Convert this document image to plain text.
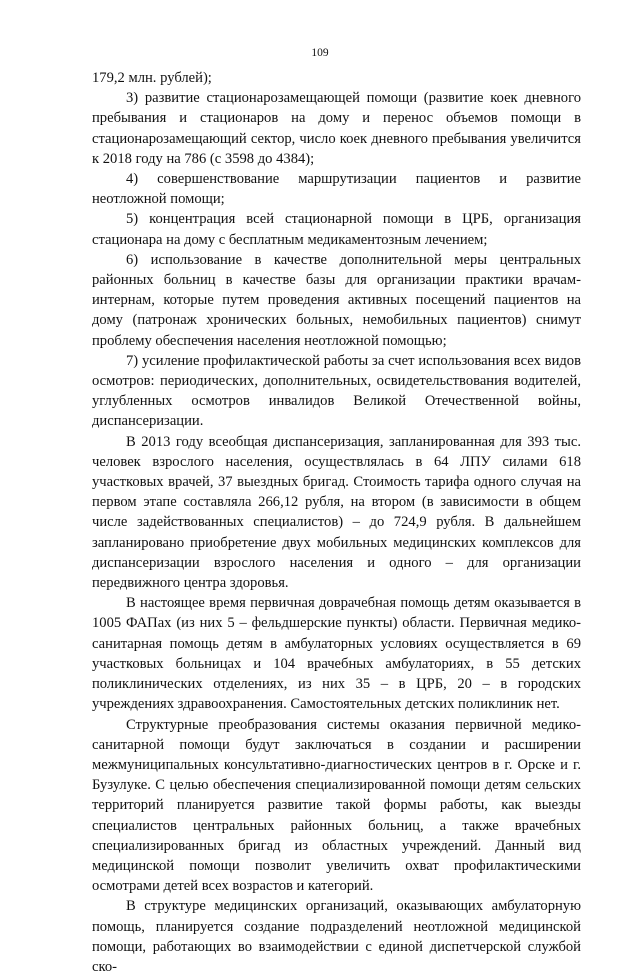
109

179,2 млн. рублей);

3) развитие стационарозамещающей помощи (развитие коек дневного пребывания и стационаров на дому и перенос объемов помощи в стационарозамещающий сектор, число коек дневного пребывания увеличится к 2018 году на 786 (с 3598 до 4384);

4) совершенствование маршрутизации пациентов и развитие неотложной помощи;

5) концентрация всей стационарной помощи в ЦРБ, организация стационара на дому с бесплатным медикаментозным лечением;

6) использование в качестве дополнительной меры центральных районных больниц в качестве базы для организации практики врачам-интернам, которые путем проведения активных посещений пациентов на дому (патронаж хронических больных, немобильных пациентов) снимут проблему обеспечения населения неотложной помощью;

7) усиление профилактической работы за счет использования всех видов осмотров: периодических, дополнительных, освидетельствования водителей, углубленных осмотров инвалидов Великой Отечественной войны, диспансеризации.

В 2013 году всеобщая диспансеризация, запланированная для 393 тыс. человек взрослого населения, осуществлялась в 64 ЛПУ силами 618 участковых врачей, 37 выездных бригад. Стоимость тарифа одного случая на первом этапе составляла 266,12 рубля, на втором (в зависимости в общем числе задействованных специалистов) – до 724,9 рубля. В дальнейшем запланировано приобретение двух мобильных медицинских комплексов для диспансеризации взрослого населения и одного – для организации передвижного центра здоровья.

В настоящее время первичная доврачебная помощь детям оказывается в 1005 ФАПах (из них 5 – фельдшерские пункты) области. Первичная медико-санитарная помощь детям в амбулаторных условиях осуществляется в 69 участковых больницах и 104 врачебных амбулаториях, в 55 детских поликлинических отделениях, из них 35 – в ЦРБ, 20 – в городских учреждениях здравоохранения. Самостоятельных детских поликлиник нет.

Структурные преобразования системы оказания первичной медико-санитарной помощи будут заключаться в создании и расширении межмуниципальных консультативно-диагностических центров в г. Орске и г. Бузулуке. С целью обеспечения специализированной помощи детям сельских территорий планируется развитие такой формы работы, как выезды специалистов центральных районных больниц, а также врачебных специализированных бригад из областных учреждений. Данный вид медицинской помощи позволит увеличить охват профилактическими осмотрами детей всех возрастов и категорий.

В структуре медицинских организаций, оказывающих амбулаторную помощь, планируется создание подразделений неотложной медицинской помощи, работающих во взаимодействии с единой диспетчерской службой ско-
